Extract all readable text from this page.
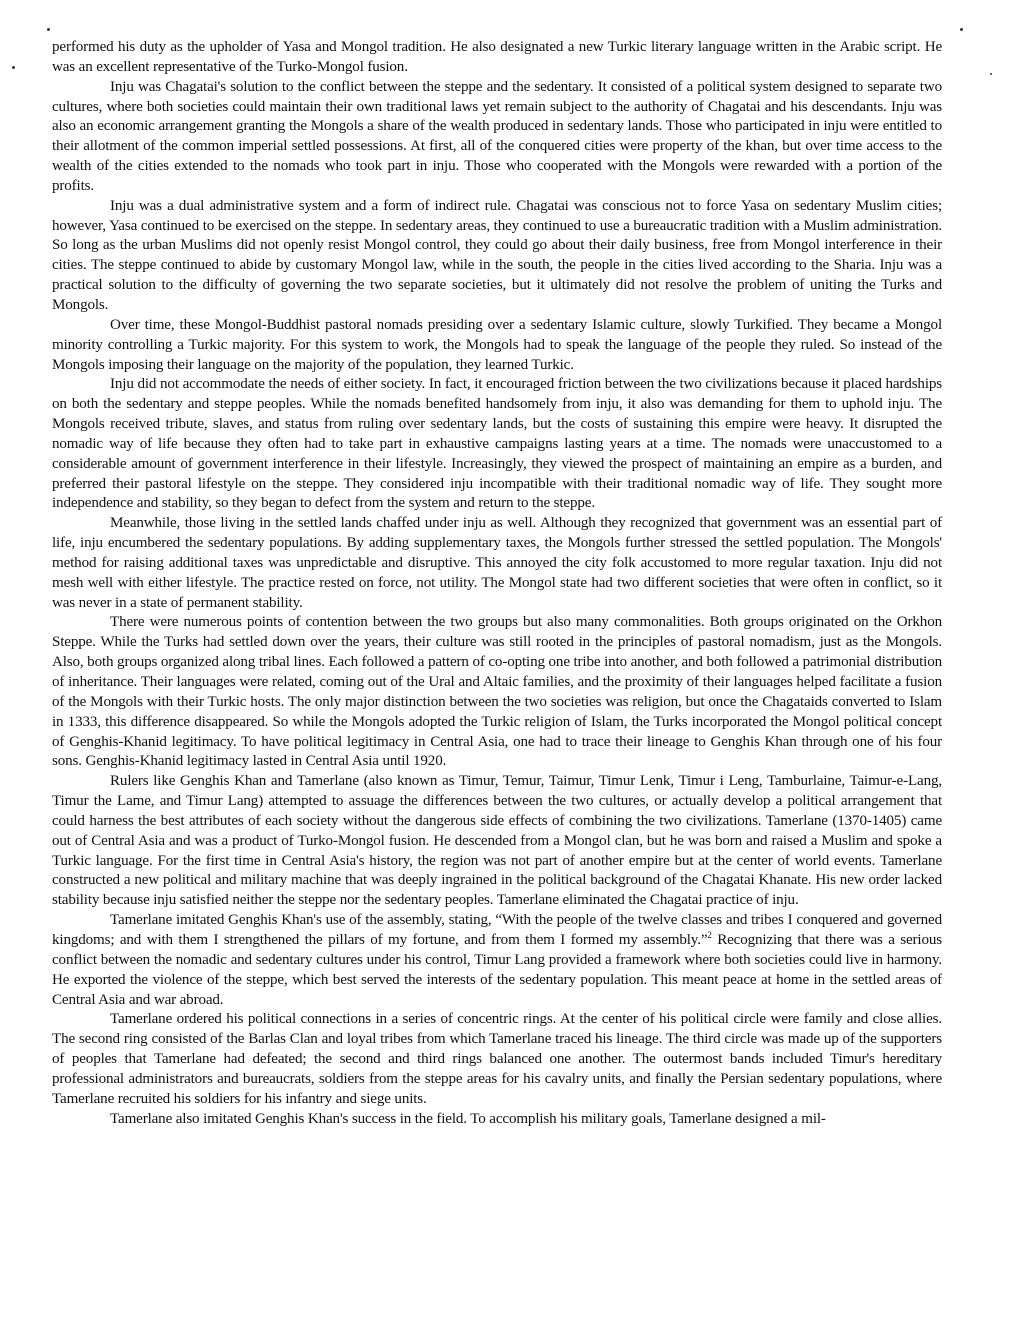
performed his duty as the upholder of Yasa and Mongol tradition. He also designated a new Turkic literary language written in the Arabic script. He was an excellent representative of the Turko-Mongol fusion.

Inju was Chagatai's solution to the conflict between the steppe and the sedentary. It consisted of a political system designed to separate two cultures, where both societies could maintain their own traditional laws yet remain subject to the authority of Chagatai and his descendants. Inju was also an economic arrangement granting the Mongols a share of the wealth produced in sedentary lands. Those who participated in inju were entitled to their allotment of the common imperial settled possessions. At first, all of the conquered cities were property of the khan, but over time access to the wealth of the cities extended to the nomads who took part in inju. Those who cooperated with the Mongols were rewarded with a portion of the profits.

Inju was a dual administrative system and a form of indirect rule. Chagatai was conscious not to force Yasa on sedentary Muslim cities; however, Yasa continued to be exercised on the steppe. In sedentary areas, they continued to use a bureaucratic tradition with a Muslim administration. So long as the urban Muslims did not openly resist Mongol control, they could go about their daily business, free from Mongol interference in their cities. The steppe continued to abide by customary Mongol law, while in the south, the people in the cities lived according to the Sharia. Inju was a practical solution to the difficulty of governing the two separate societies, but it ultimately did not resolve the problem of uniting the Turks and Mongols.

Over time, these Mongol-Buddhist pastoral nomads presiding over a sedentary Islamic culture, slowly Turkified. They became a Mongol minority controlling a Turkic majority. For this system to work, the Mongols had to speak the language of the people they ruled. So instead of the Mongols imposing their language on the majority of the population, they learned Turkic.

Inju did not accommodate the needs of either society. In fact, it encouraged friction between the two civilizations because it placed hardships on both the sedentary and steppe peoples. While the nomads benefited handsomely from inju, it also was demanding for them to uphold inju. The Mongols received tribute, slaves, and status from ruling over sedentary lands, but the costs of sustaining this empire were heavy. It disrupted the nomadic way of life because they often had to take part in exhaustive campaigns lasting years at a time. The nomads were unaccustomed to a considerable amount of government interference in their lifestyle. Increasingly, they viewed the prospect of maintaining an empire as a burden, and preferred their pastoral lifestyle on the steppe. They considered inju incompatible with their traditional nomadic way of life. They sought more independence and stability, so they began to defect from the system and return to the steppe.

Meanwhile, those living in the settled lands chaffed under inju as well. Although they recognized that government was an essential part of life, inju encumbered the sedentary populations. By adding supplementary taxes, the Mongols further stressed the settled population. The Mongols' method for raising additional taxes was unpredictable and disruptive. This annoyed the city folk accustomed to more regular taxation. Inju did not mesh well with either lifestyle. The practice rested on force, not utility. The Mongol state had two different societies that were often in conflict, so it was never in a state of permanent stability.

There were numerous points of contention between the two groups but also many commonalities. Both groups originated on the Orkhon Steppe. While the Turks had settled down over the years, their culture was still rooted in the principles of pastoral nomadism, just as the Mongols. Also, both groups organized along tribal lines. Each followed a pattern of co-opting one tribe into another, and both followed a patrimonial distribution of inheritance. Their languages were related, coming out of the Ural and Altaic families, and the proximity of their languages helped facilitate a fusion of the Mongols with their Turkic hosts. The only major distinction between the two societies was religion, but once the Chagataids converted to Islam in 1333, this difference disappeared. So while the Mongols adopted the Turkic religion of Islam, the Turks incorporated the Mongol political concept of Genghis-Khanid legitimacy. To have political legitimacy in Central Asia, one had to trace their lineage to Genghis Khan through one of his four sons. Genghis-Khanid legitimacy lasted in Central Asia until 1920.

Rulers like Genghis Khan and Tamerlane (also known as Timur, Temur, Taimur, Timur Lenk, Timur i Leng, Tamburlaine, Taimur-e-Lang, Timur the Lame, and Timur Lang) attempted to assuage the differences between the two cultures, or actually develop a political arrangement that could harness the best attributes of each society without the dangerous side effects of combining the two civilizations. Tamerlane (1370-1405) came out of Central Asia and was a product of Turko-Mongol fusion. He descended from a Mongol clan, but he was born and raised a Muslim and spoke a Turkic language. For the first time in Central Asia's history, the region was not part of another empire but at the center of world events. Tamerlane constructed a new political and military machine that was deeply ingrained in the political background of the Chagatai Khanate. His new order lacked stability because inju satisfied neither the steppe nor the sedentary peoples. Tamerlane eliminated the Chagatai practice of inju.

Tamerlane imitated Genghis Khan's use of the assembly, stating, “With the people of the twelve classes and tribes I conquered and governed kingdoms; and with them I strengthened the pillars of my fortune, and from them I formed my assembly.”$^2$ Recognizing that there was a serious conflict between the nomadic and sedentary cultures under his control, Timur Lang provided a framework where both societies could live in harmony. He exported the violence of the steppe, which best served the interests of the sedentary population. This meant peace at home in the settled areas of Central Asia and war abroad.

Tamerlane ordered his political connections in a series of concentric rings. At the center of his political circle were family and close allies. The second ring consisted of the Barlas Clan and loyal tribes from which Tamerlane traced his lineage. The third circle was made up of the supporters of peoples that Tamerlane had defeated; the second and third rings balanced one another. The outermost bands included Timur's hereditary professional administrators and bureaucrats, soldiers from the steppe areas for his cavalry units, and finally the Persian sedentary populations, where Tamerlane recruited his soldiers for his infantry and siege units.

Tamerlane also imitated Genghis Khan's success in the field. To accomplish his military goals, Tamerlane designed a mil-
